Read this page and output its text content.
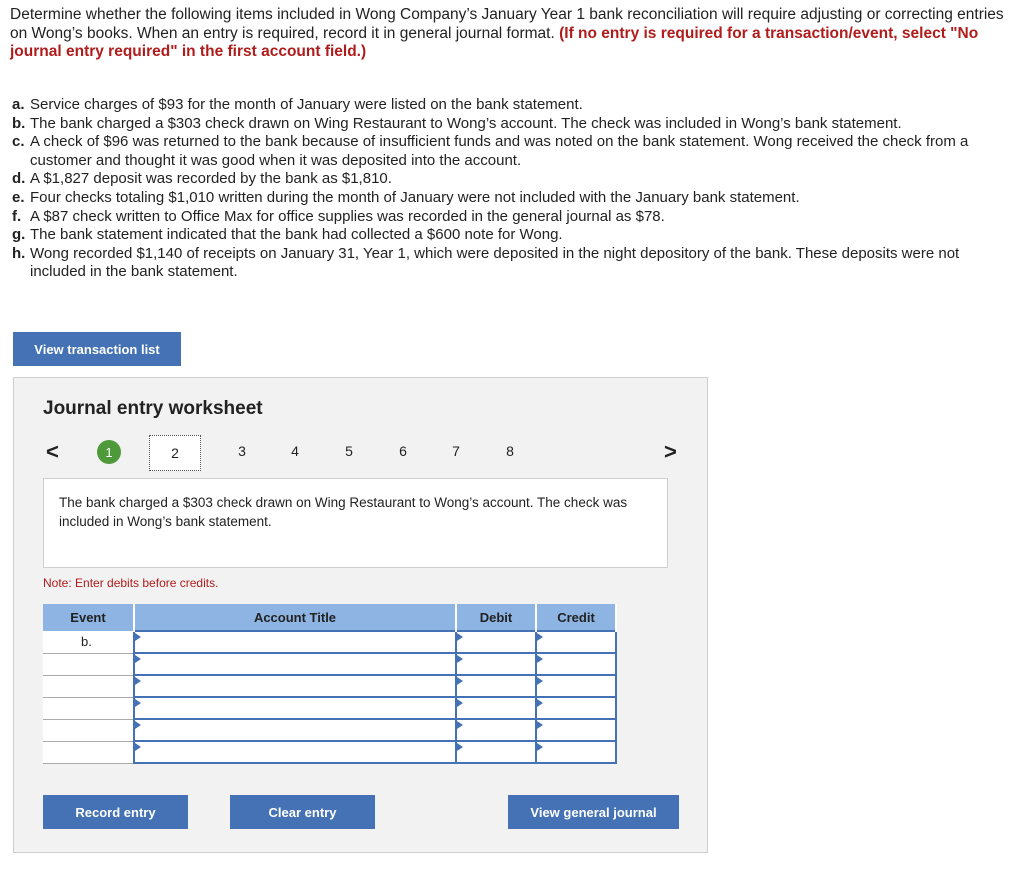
Determine whether the following items included in Wong Company’s January Year 1 bank reconciliation will require adjusting or correcting entries on Wong’s books. When an entry is required, record it in general journal format. (If no entry is required for a transaction/event, select "No journal entry required" in the first account field.)
a. Service charges of $93 for the month of January were listed on the bank statement.
b. The bank charged a $303 check drawn on Wing Restaurant to Wong’s account. The check was included in Wong’s bank statement.
c. A check of $96 was returned to the bank because of insufficient funds and was noted on the bank statement. Wong received the check from a customer and thought it was good when it was deposited into the account.
d. A $1,827 deposit was recorded by the bank as $1,810.
e. Four checks totaling $1,010 written during the month of January were not included with the January bank statement.
f. A $87 check written to Office Max for office supplies was recorded in the general journal as $78.
g. The bank statement indicated that the bank had collected a $600 note for Wong.
h. Wong recorded $1,140 of receipts on January 31, Year 1, which were deposited in the night depository of the bank. These deposits were not included in the bank statement.
View transaction list
Journal entry worksheet
<	1	2	3	4	5	6	7	8	>
The bank charged a $303 check drawn on Wing Restaurant to Wong’s account. The check was included in Wong’s bank statement.
Note: Enter debits before credits.
Event	Account Title	Debit	Credit
b.	

Record entry	Clear entry	View general journal
